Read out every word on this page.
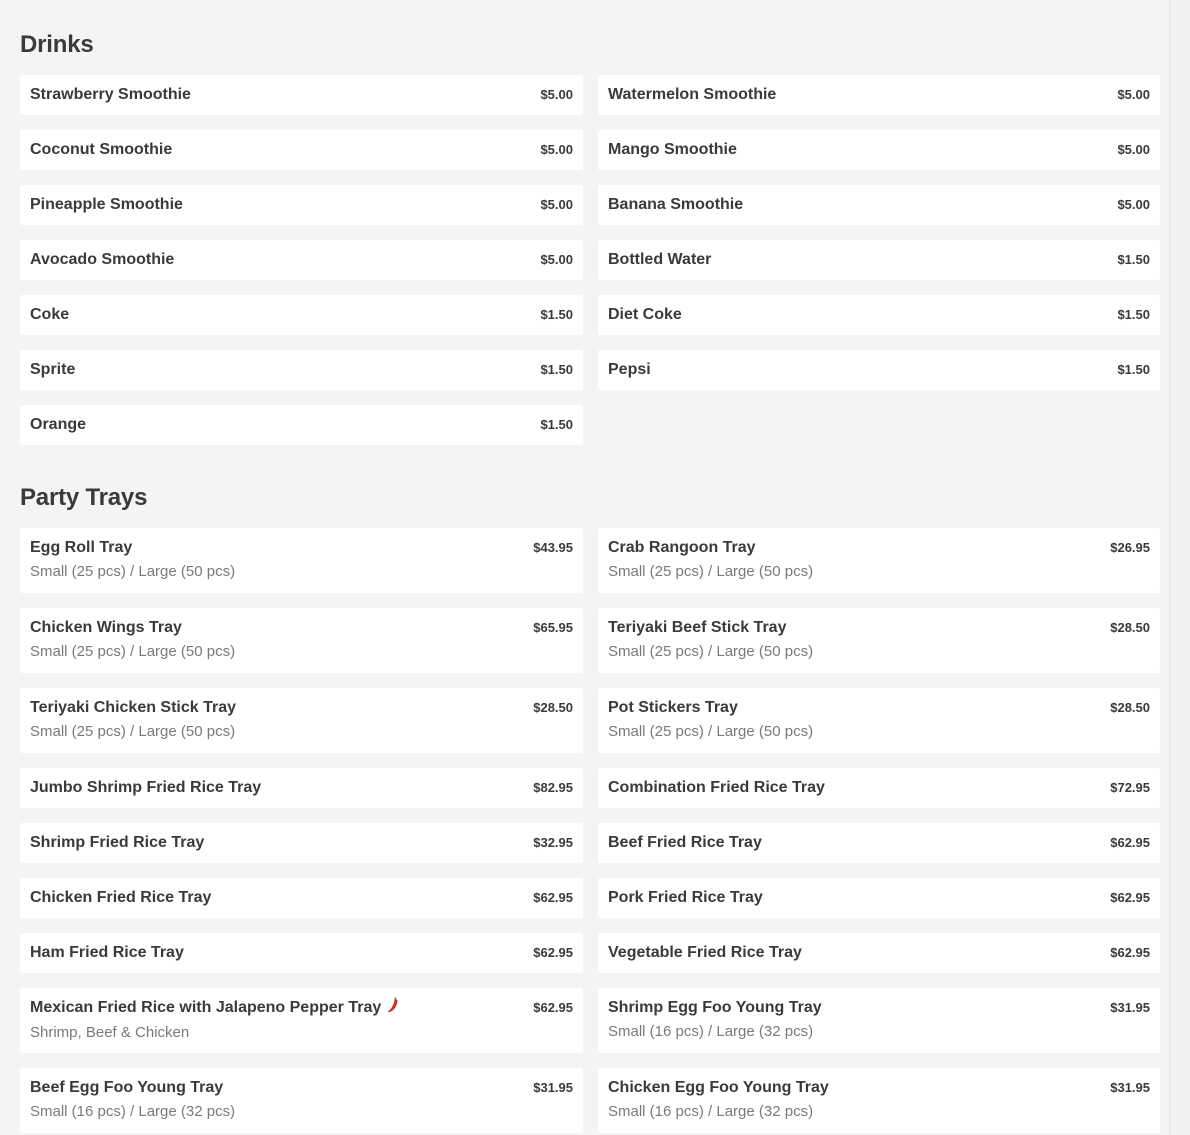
Drinks
Strawberry Smoothie	$5.00 Watermelon Smoothie	$5.00
Coconut Smoothie	$5.00 Mango Smoothie	$5.00
Pineapple Smoothie	$5.00 Banana Smoothie	$5.00
Avocado Smoothie	$5.00 Bottled Water	$1.50
Coke	$1.50 Diet Coke	$1.50
Sprite	$1.50 Pepsi	$1.50
Orange	$1.50
Party Trays
Egg Roll Tray	$43.95
Small (25 pcs) / Large (50 pcs)
Crab Rangoon Tray	$26.95
Small (25 pcs) / Large (50 pcs)
Chicken Wings Tray	$65.95
Small (25 pcs) / Large (50 pcs)
Teriyaki Beef Stick Tray	$28.50
Small (25 pcs) / Large (50 pcs)
Teriyaki Chicken Stick Tray	$28.50
Small (25 pcs) / Large (50 pcs)
Pot Stickers Tray	$28.50
Small (25 pcs) / Large (50 pcs)
Jumbo Shrimp Fried Rice Tray	$82.95 Combination Fried Rice Tray	$72.95
Shrimp Fried Rice Tray	$32.95 Beef Fried Rice Tray	$62.95
Chicken Fried Rice Tray	$62.95 Pork Fried Rice Tray	$62.95
Ham Fried Rice Tray	$62.95 Vegetable Fried Rice Tray	$62.95
Mexican Fried Rice with Jalapeno Pepper Tray	$62.95
Shrimp, Beef & Chicken
Shrimp Egg Foo Young Tray	$31.95
Small (16 pcs) / Large (32 pcs)
Beef Egg Foo Young Tray	$31.95
Small (16 pcs) / Large (32 pcs)
Chicken Egg Foo Young Tray	$31.95
Small (16 pcs) / Large (32 pcs)
